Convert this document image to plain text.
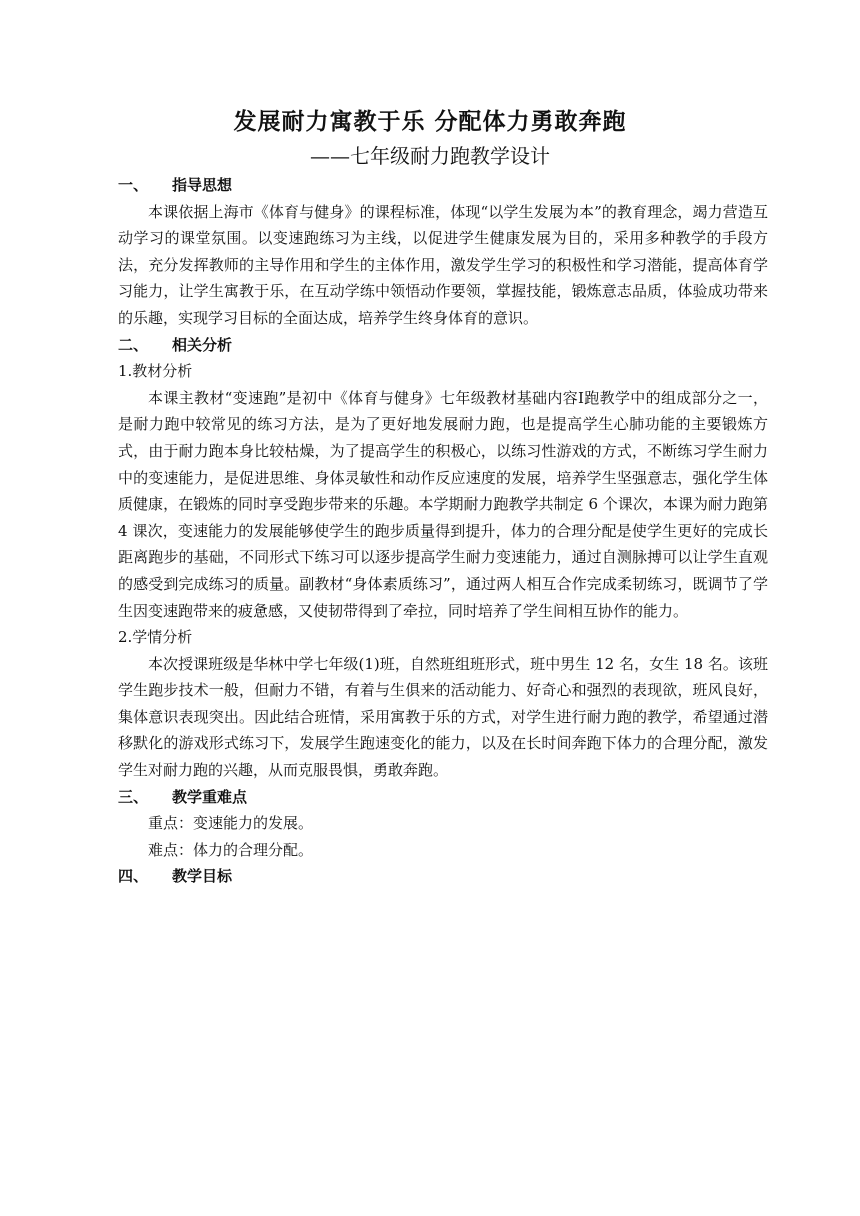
发展耐力寓教于乐 分配体力勇敢奔跑
——七年级耐力跑教学设计
一、 指导思想
本课依据上海市《体育与健身》的课程标准，体现“以学生发展为本”的教育理念，竭力营造互动学习的课堂氛围。以变速跑练习为主线，以促进学生健康发展为目的，采用多种教学的手段方法，充分发挥教师的主导作用和学生的主体作用，激发学生学习的积极性和学习潜能，提高体育学习能力，让学生寓教于乐，在互动学练中领悟动作要领，掌握技能，锻炼意志品质，体验成功带来的乐趣，实现学习目标的全面达成，培养学生终身体育的意识。
二、 相关分析
1.教材分析
本课主教材“变速跑”是初中《体育与健身》七年级教材基础内容Ⅰ跑教学中的组成部分之一，是耐力跑中较常见的练习方法，是为了更好地发展耐力跑，也是提高学生心肺功能的主要锻炼方式，由于耐力跑本身比较枯燥，为了提高学生的积极心，以练习性游戏的方式，不断练习学生耐力中的变速能力，是促进思维、身体灵敏性和动作反应速度的发展，培养学生坚强意志，强化学生体质健康，在锻炼的同时享受跑步带来的乐趣。本学期耐力跑教学共制定 6 个课次，本课为耐力跑第 4 课次，变速能力的发展能够使学生的跑步质量得到提升，体力的合理分配是使学生更好的完成长距离跑步的基础，不同形式下练习可以逐步提高学生耐力变速能力，通过自测脉搏可以让学生直观的感受到完成练习的质量。副教材“身体素质练习”，通过两人相互合作完成柔韧练习，既调节了学生因变速跑带来的疲惫感，又使韧带得到了牵拉，同时培养了学生间相互协作的能力。
2.学情分析
本次授课班级是华林中学七年级(1)班，自然班组班形式，班中男生 12 名，女生 18 名。该班学生跑步技术一般，但耐力不错，有着与生俱来的活动能力、好奇心和强烈的表现欲，班风良好，集体意识表现突出。因此结合班情，采用寓教于乐的方式，对学生进行耐力跑的教学，希望通过潜移默化的游戏形式练习下，发展学生跑速变化的能力，以及在长时间奔跑下体力的合理分配，激发学生对耐力跑的兴趣，从而克服畏惧，勇敢奔跑。
三、 教学重难点
重点：变速能力的发展。
难点：体力的合理分配。
四、 教学目标
